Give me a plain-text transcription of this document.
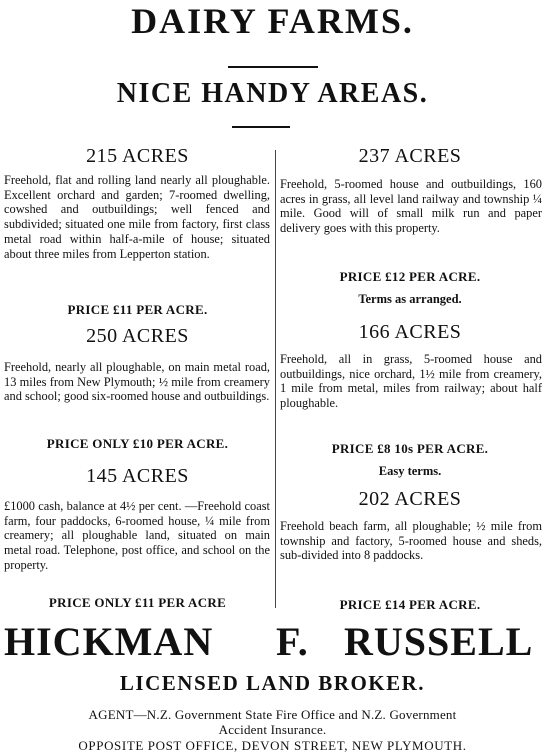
DAIRY FARMS.
NICE HANDY AREAS.
215 ACRES
Freehold, flat and rolling land nearly all ploughable. Excellent orchard and garden; 7-roomed dwelling, cowshed and outbuildings; well fenced and subdivided; situated one mile from factory, first class metal road within half-a-mile of house; situated about three miles from Lepperton station.
PRICE £11 PER ACRE.
250 ACRES
Freehold, nearly all ploughable, on main metal road, 13 miles from New Plymouth; ½ mile from creamery and school; good six-roomed house and outbuildings.
PRICE ONLY £10 PER ACRE.
145 ACRES
£1000 cash, balance at 4½ per cent. —Freehold coast farm, four paddocks, 6-roomed house, ¼ mile from creamery; all ploughable land, situated on main metal road. Telephone, post office, and school on the property.
PRICE ONLY £11 PER ACRE
237 ACRES
Freehold, 5-roomed house and outbuildings, 160 acres in grass, all level land railway and township ¼ mile. Good will of small milk run and paper delivery goes with this property.
PRICE £12 PER ACRE.
Terms as arranged.
166 ACRES
Freehold, all in grass, 5-roomed house and outbuildings, nice orchard, 1½ mile from creamery, 1 mile from metal, miles from railway; about half ploughable.
PRICE £8 10s PER ACRE.
Easy terms.
202 ACRES
Freehold beach farm, all ploughable; ½ mile from township and factory, 5-roomed house and sheds, sub-divided into 8 paddocks.
PRICE £14 PER ACRE.
HICKMAN F. RUSSELL
LICENSED LAND BROKER.
AGENT—N.Z. Government State Fire Office and N.Z. Government
Accident Insurance.
OPPOSITE POST OFFICE, DEVON STREET, NEW PLYMOUTH.
